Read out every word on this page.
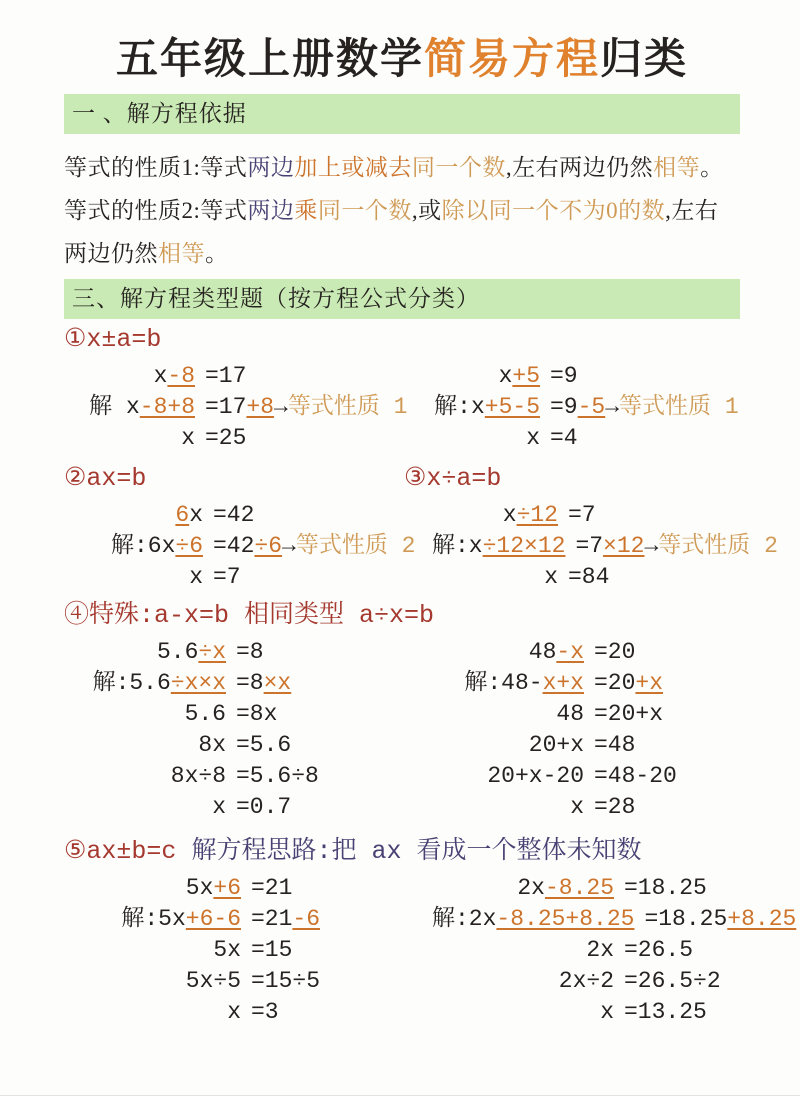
五年级上册数学简易方程归类
一 、解方程依据
等式的性质1:等式两边加上或减去同一个数,左右两边仍然相等。
等式的性质2:等式两边乘同一个数,或除以同一个不为0的数,左右
两边仍然相等。
三、解方程类型题（按方程公式分类）
①x±a=b
x-8 =17
解 x-8+8 =17+8→等式性质 1
x =25
x+5 =9
解:x+5-5 =9-5→等式性质 1
x =4
②ax=b	③x÷a=b
6x =42
解:6x÷6 =42÷6→等式性质 2
x =7
x÷12 =7
解:x÷12×12 =7×12→等式性质 2
x =84
④特殊:a-x=b 相同类型 a÷x=b
5.6÷x =8
解:5.6÷x×x =8×x
5.6 =8x
8x =5.6
8x÷8 =5.6÷8
x =0.7
48-x =20
解:48-x+x =20+x
48 =20+x
20+x =48
20+x-20 =48-20
x =28
⑤ax±b=c 解方程思路:把 ax 看成一个整体未知数
5x+6 =21
解:5x+6-6 =21-6
5x =15
5x÷5 =15÷5
x =3
2x-8.25 =18.25
解:2x-8.25+8.25 =18.25+8.25
2x =26.5
2x÷2 =26.5÷2
x =13.25
